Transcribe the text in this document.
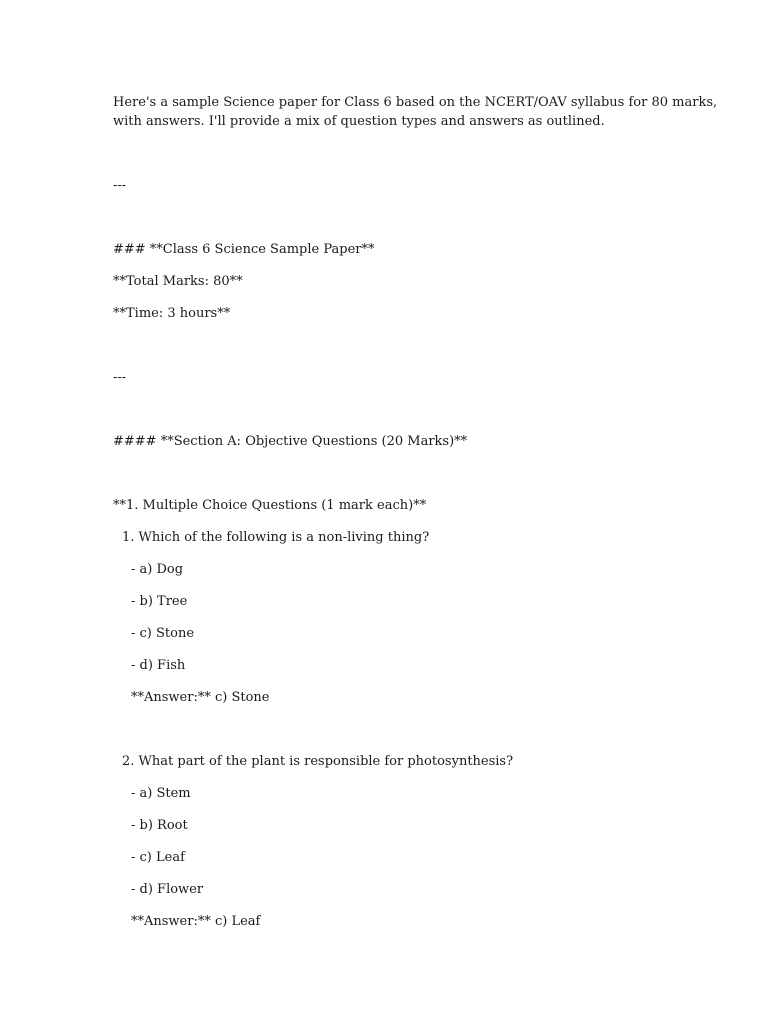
Here's a sample Science paper for Class 6 based on the NCERT/OAV syllabus for 80 marks,
with answers. I'll provide a mix of question types and answers as outlined.
---
### **Class 6 Science Sample Paper**
**Total Marks: 80**
**Time: 3 hours**
---
#### **Section A: Objective Questions (20 Marks)**
**1. Multiple Choice Questions (1 mark each)**
1. Which of the following is a non-living thing?
- a) Dog
- b) Tree
- c) Stone
- d) Fish
**Answer:** c) Stone
2. What part of the plant is responsible for photosynthesis?
- a) Stem
- b) Root
- c) Leaf
- d) Flower
**Answer:** c) Leaf
